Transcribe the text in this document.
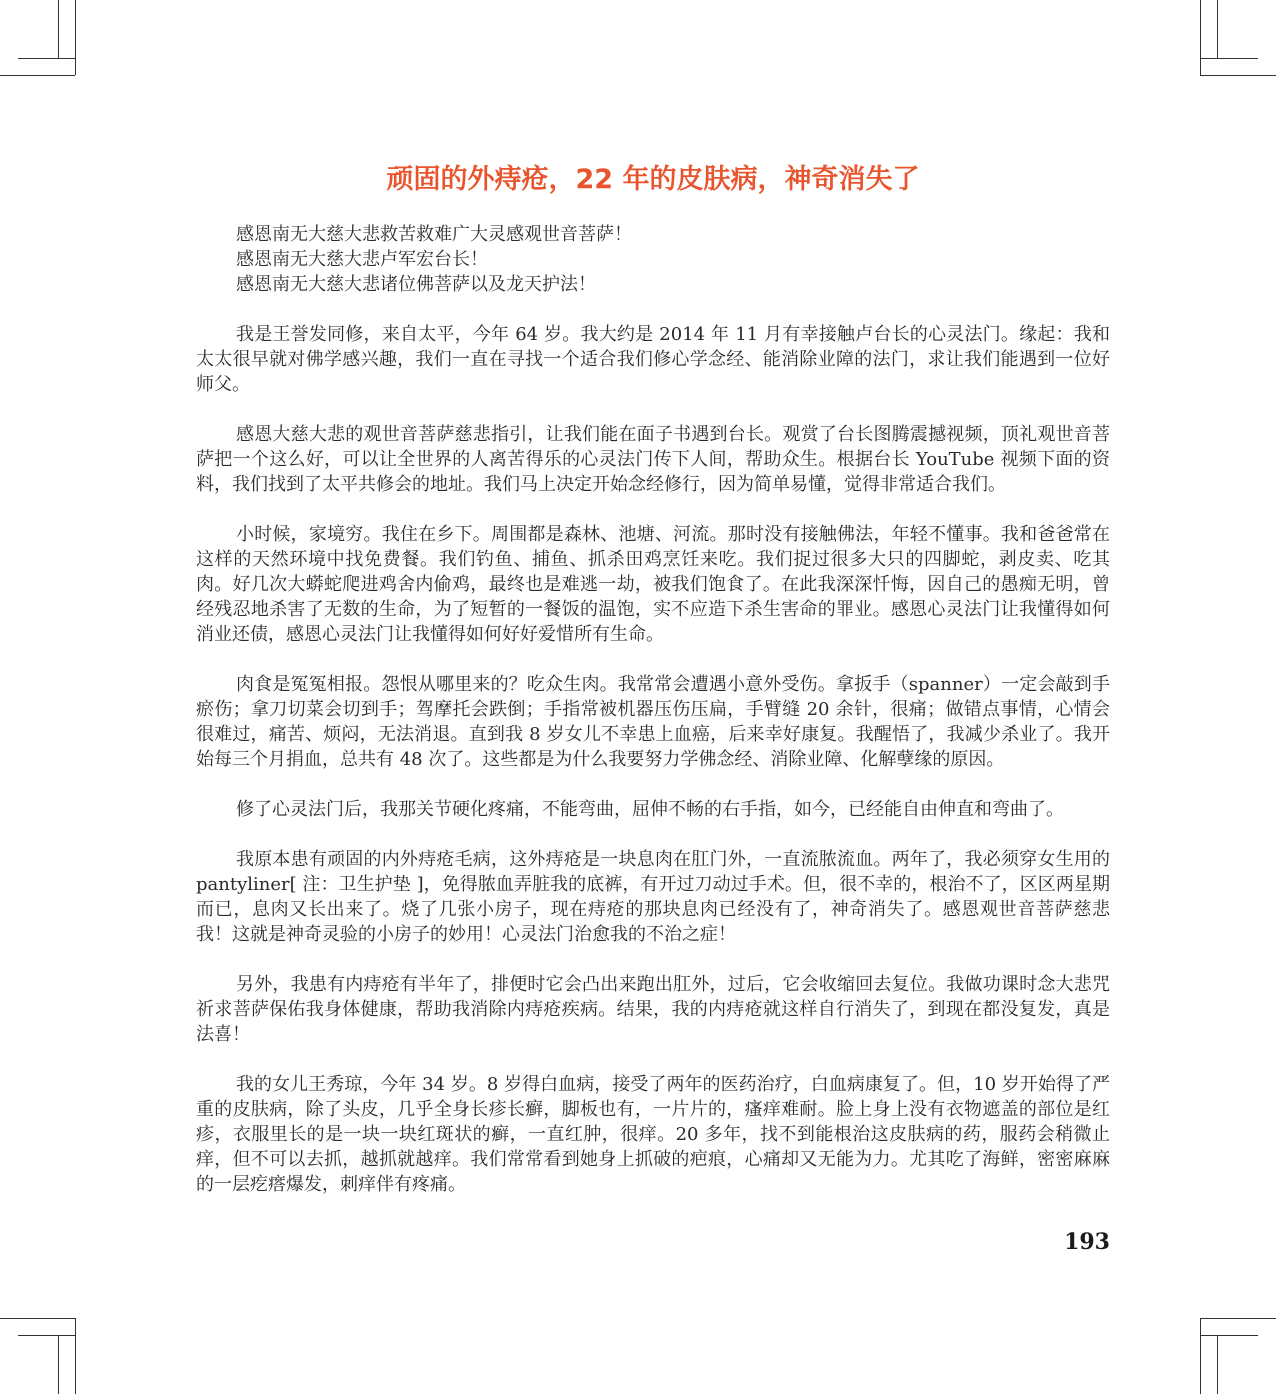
顽固的外痔疮，22 年的皮肤病，神奇消失了

感恩南无大慈大悲救苦救难广大灵感观世音菩萨！

感恩南无大慈大悲卢军宏台长！

感恩南无大慈大悲诸位佛菩萨以及龙天护法！

我是王誉发同修，来自太平，今年 64 岁。我大约是 2014 年 11 月有幸接触卢台长的心灵法门。缘起：我和太太很早就对佛学感兴趣，我们一直在寻找一个适合我们修心学念经、能消除业障的法门，求让我们能遇到一位好师父。

感恩大慈大悲的观世音菩萨慈悲指引，让我们能在面子书遇到台长。观赏了台长图腾震撼视频，顶礼观世音菩萨把一个这么好，可以让全世界的人离苦得乐的心灵法门传下人间，帮助众生。根据台长 YouTube 视频下面的资料，我们找到了太平共修会的地址。我们马上决定开始念经修行，因为简单易懂，觉得非常适合我们。

小时候，家境穷。我住在乡下。周围都是森林、池塘、河流。那时没有接触佛法，年轻不懂事。我和爸爸常在这样的天然环境中找免费餐。我们钓鱼、捕鱼、抓杀田鸡烹饪来吃。我们捉过很多大只的四脚蛇，剥皮卖、吃其肉。好几次大蟒蛇爬进鸡舍内偷鸡，最终也是难逃一劫，被我们饱食了。在此我深深忏悔，因自己的愚痴无明，曾经残忍地杀害了无数的生命，为了短暂的一餐饭的温饱，实不应造下杀生害命的罪业。感恩心灵法门让我懂得如何消业还债，感恩心灵法门让我懂得如何好好爱惜所有生命。

肉食是冤冤相报。怨恨从哪里来的？吃众生肉。我常常会遭遇小意外受伤。拿扳手（spanner）一定会敲到手瘀伤；拿刀切菜会切到手；驾摩托会跌倒；手指常被机器压伤压扁，手臂缝 20 余针，很痛；做错点事情，心情会很难过，痛苦、烦闷，无法消退。直到我 8 岁女儿不幸患上血癌，后来幸好康复。我醒悟了，我减少杀业了。我开始每三个月捐血，总共有 48 次了。这些都是为什么我要努力学佛念经、消除业障、化解孽缘的原因。

修了心灵法门后，我那关节硬化疼痛，不能弯曲，屈伸不畅的右手指，如今，已经能自由伸直和弯曲了。

我原本患有顽固的内外痔疮毛病，这外痔疮是一块息肉在肛门外，一直流脓流血。两年了，我必须穿女生用的 pantyliner[ 注：卫生护垫 ]，免得脓血弄脏我的底裤，有开过刀动过手术。但，很不幸的，根治不了，区区两星期而已，息肉又长出来了。烧了几张小房子，现在痔疮的那块息肉已经没有了，神奇消失了。感恩观世音菩萨慈悲我！这就是神奇灵验的小房子的妙用！心灵法门治愈我的不治之症！

另外，我患有内痔疮有半年了，排便时它会凸出来跑出肛外，过后，它会收缩回去复位。我做功课时念大悲咒祈求菩萨保佑我身体健康，帮助我消除内痔疮疾病。结果，我的内痔疮就这样自行消失了，到现在都没复发，真是法喜！

我的女儿王秀琼，今年 34 岁。8 岁得白血病，接受了两年的医药治疗，白血病康复了。但，10 岁开始得了严重的皮肤病，除了头皮，几乎全身长疹长癣，脚板也有，一片片的，瘙痒难耐。脸上身上没有衣物遮盖的部位是红疹，衣服里长的是一块一块红斑状的癣，一直红肿，很痒。20 多年，找不到能根治这皮肤病的药，服药会稍微止痒，但不可以去抓，越抓就越痒。我们常常看到她身上抓破的疤痕，心痛却又无能为力。尤其吃了海鲜，密密麻麻的一层疙瘩爆发，刺痒伴有疼痛。

193
